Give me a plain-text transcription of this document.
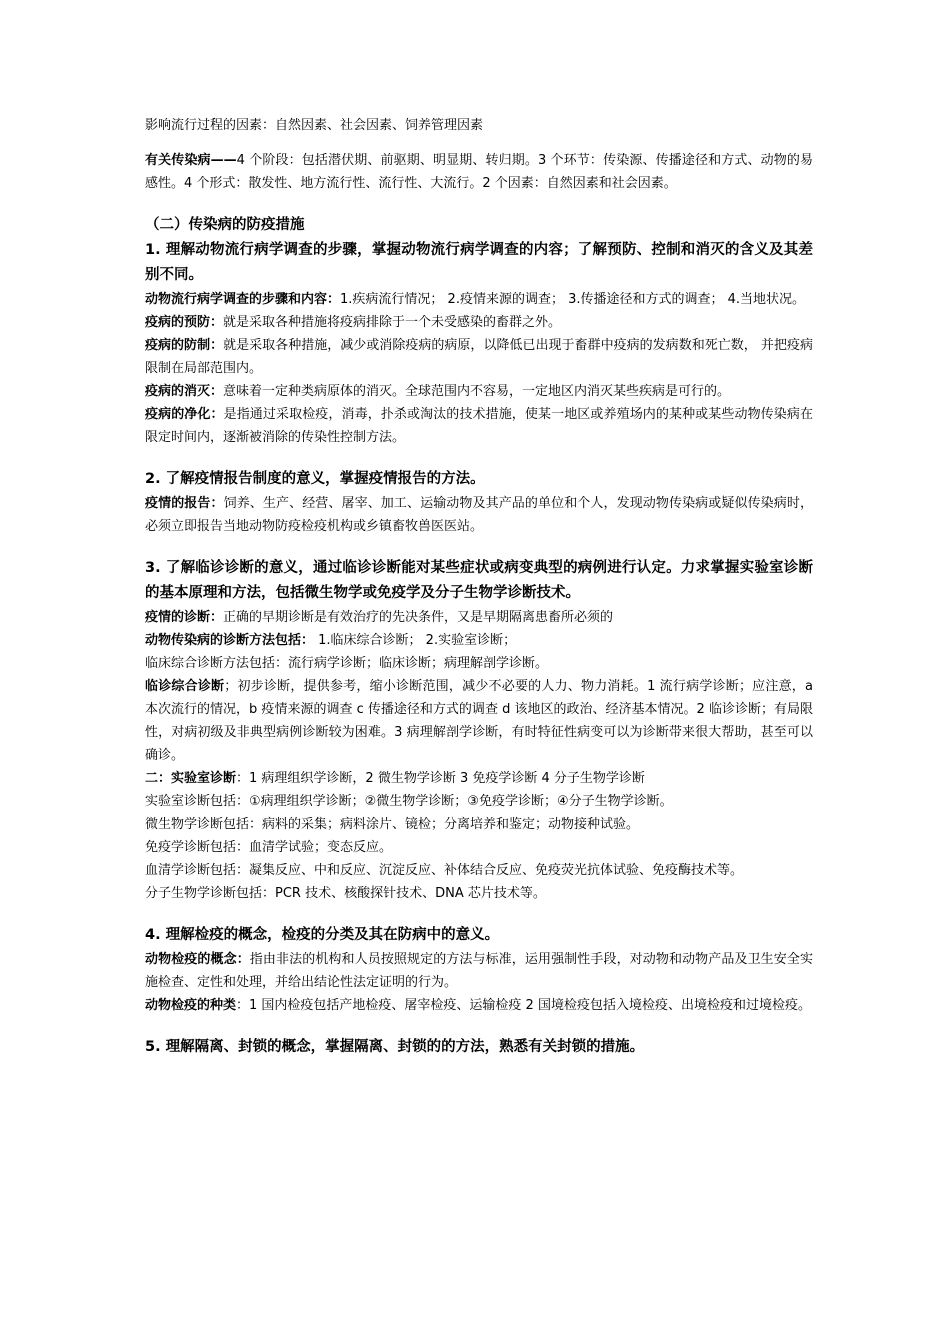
影响流行过程的因素：自然因素、社会因素、饲养管理因素

有关传染病——4 个阶段：包括潜伏期、前驱期、明显期、转归期。3 个环节：传染源、传播途径和方式、动物的易感性。4 个形式：散发性、地方流行性、流行性、大流行。2 个因素：自然因素和社会因素。

（二）传染病的防疫措施

1. 理解动物流行病学调查的步骤，掌握动物流行病学调查的内容；了解预防、控制和消灭的含义及其差别不同。

动物流行病学调查的步骤和内容：1.疾病流行情况； 2.疫情来源的调查； 3.传播途径和方式的调查； 4.当地状况。

疫病的预防：就是采取各种措施将疫病排除于一个未受感染的畜群之外。

疫病的防制：就是采取各种措施，减少或消除疫病的病原，以降低已出现于畜群中疫病的发病数和死亡数， 并把疫病限制在局部范围内。

疫病的消灭：意味着一定种类病原体的消灭。全球范围内不容易，一定地区内消灭某些疾病是可行的。

疫病的净化：是指通过采取检疫，消毒，扑杀或淘汰的技术措施，使某一地区或养殖场内的某种或某些动物传染病在限定时间内，逐渐被消除的传染性控制方法。

2. 了解疫情报告制度的意义，掌握疫情报告的方法。

疫情的报告：饲养、生产、经营、屠宰、加工、运输动物及其产品的单位和个人，发现动物传染病或疑似传染病时，必须立即报告当地动物防疫检疫机构或乡镇畜牧兽医医站。

3. 了解临诊诊断的意义，通过临诊诊断能对某些症状或病变典型的病例进行认定。力求掌握实验室诊断的基本原理和方法，包括微生物学或免疫学及分子生物学诊断技术。

疫情的诊断：正确的早期诊断是有效治疗的先决条件，又是早期隔离患畜所必须的

动物传染病的诊断方法包括： 1.临床综合诊断； 2.实验室诊断；

临床综合诊断方法包括：流行病学诊断；临床诊断；病理解剖学诊断。

临诊综合诊断；初步诊断，提供参考，缩小诊断范围，减少不必要的人力、物力消耗。1 流行病学诊断；应注意，a 本次流行的情况，b 疫情来源的调查 c 传播途径和方式的调查 d 该地区的政治、经济基本情况。2 临诊诊断；有局限性，对病初级及非典型病例诊断较为困难。3 病理解剖学诊断，有时特征性病变可以为诊断带来很大帮助，甚至可以确诊。

二：实验室诊断：1 病理组织学诊断，2 微生物学诊断 3 免疫学诊断 4 分子生物学诊断

实验室诊断包括：①病理组织学诊断；②微生物学诊断；③免疫学诊断；④分子生物学诊断。

微生物学诊断包括：病料的采集；病料涂片、镜检；分离培养和鉴定；动物接种试验。

免疫学诊断包括：血清学试验；变态反应。

血清学诊断包括：凝集反应、中和反应、沉淀反应、补体结合反应、免疫荧光抗体试验、免疫酶技术等。

分子生物学诊断包括：PCR 技术、核酸探针技术、DNA 芯片技术等。

4. 理解检疫的概念，检疫的分类及其在防病中的意义。

动物检疫的概念：指由非法的机构和人员按照规定的方法与标准，运用强制性手段，对动物和动物产品及卫生安全实施检查、定性和处理，并给出结论性法定证明的行为。

动物检疫的种类：1 国内检疫包括产地检疫、屠宰检疫、运输检疫 2 国境检疫包括入境检疫、出境检疫和过境检疫。

5. 理解隔离、封锁的概念，掌握隔离、封锁的的方法，熟悉有关封锁的措施。
